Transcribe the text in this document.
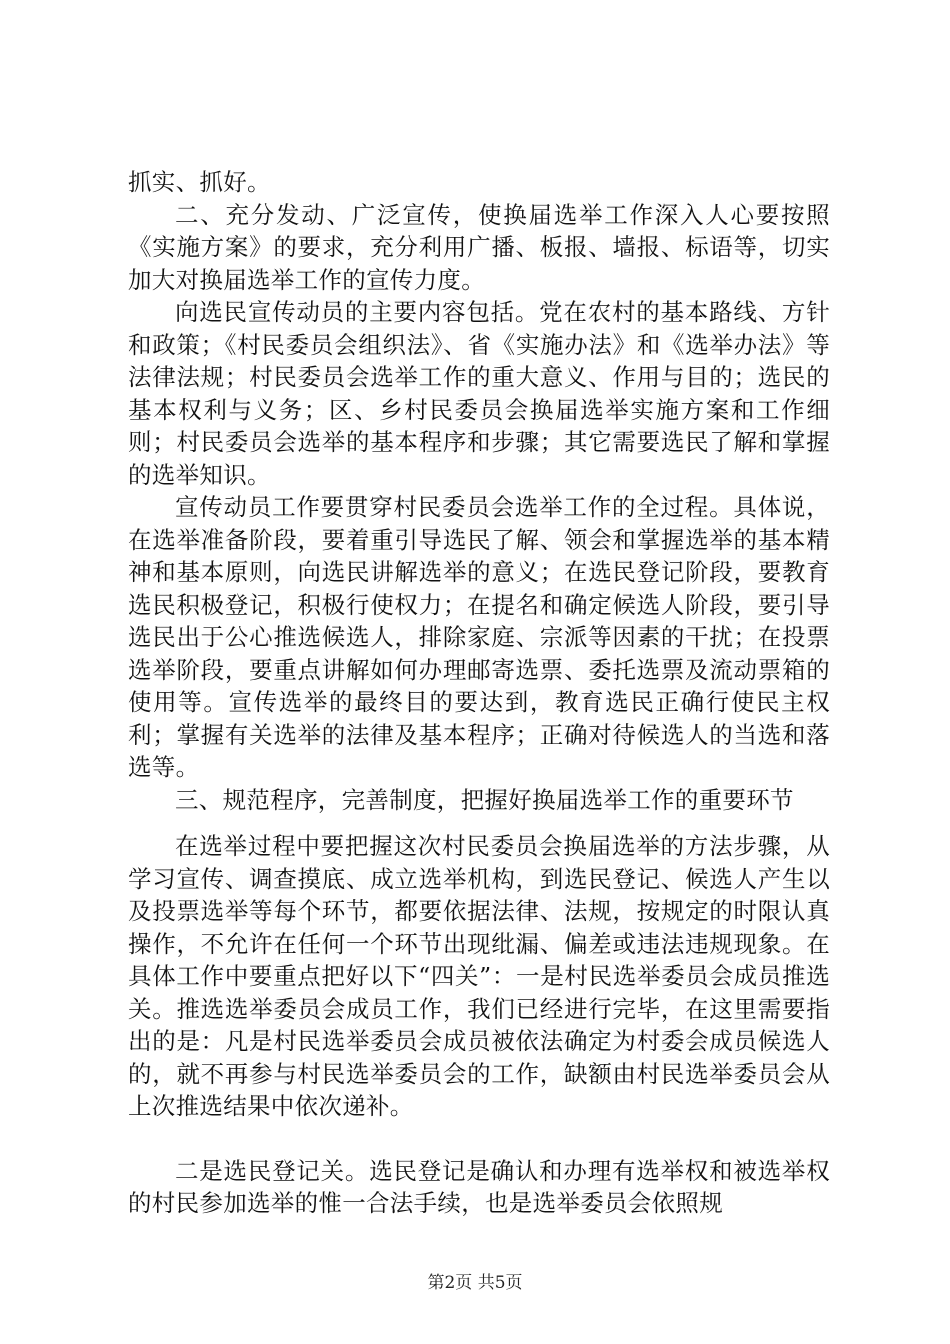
抓实、抓好。

二、充分发动、广泛宣传，使换届选举工作深入人心要按照《实施方案》的要求，充分利用广播、板报、墙报、标语等，切实加大对换届选举工作的宣传力度。

向选民宣传动员的主要内容包括。党在农村的基本路线、方针和政策；《村民委员会组织法》、省《实施办法》和《选举办法》等法律法规；村民委员会选举工作的重大意义、作用与目的；选民的基本权利与义务；区、乡村民委员会换届选举实施方案和工作细则；村民委员会选举的基本程序和步骤；其它需要选民了解和掌握的选举知识。

宣传动员工作要贯穿村民委员会选举工作的全过程。具体说，在选举准备阶段，要着重引导选民了解、领会和掌握选举的基本精神和基本原则，向选民讲解选举的意义；在选民登记阶段，要教育选民积极登记，积极行使权力；在提名和确定候选人阶段，要引导选民出于公心推选候选人，排除家庭、宗派等因素的干扰；在投票选举阶段，要重点讲解如何办理邮寄选票、委托选票及流动票箱的使用等。宣传选举的最终目的要达到，教育选民正确行使民主权利；掌握有关选举的法律及基本程序；正确对待候选人的当选和落选等。

三、规范程序，完善制度，把握好换届选举工作的重要环节

在选举过程中要把握这次村民委员会换届选举的方法步骤，从学习宣传、调查摸底、成立选举机构，到选民登记、候选人产生以及投票选举等每个环节，都要依据法律、法规，按规定的时限认真操作，不允许在任何一个环节出现纰漏、偏差或违法违规现象。在具体工作中要重点把好以下“四关”：一是村民选举委员会成员推选关。推选选举委员会成员工作，我们已经进行完毕，在这里需要指出的是：凡是村民选举委员会成员被依法确定为村委会成员候选人的，就不再参与村民选举委员会的工作，缺额由村民选举委员会从上次推选结果中依次递补。

二是选民登记关。选民登记是确认和办理有选举权和被选举权的村民参加选举的惟一合法手续，也是选举委员会依照规

第2页 共5页
